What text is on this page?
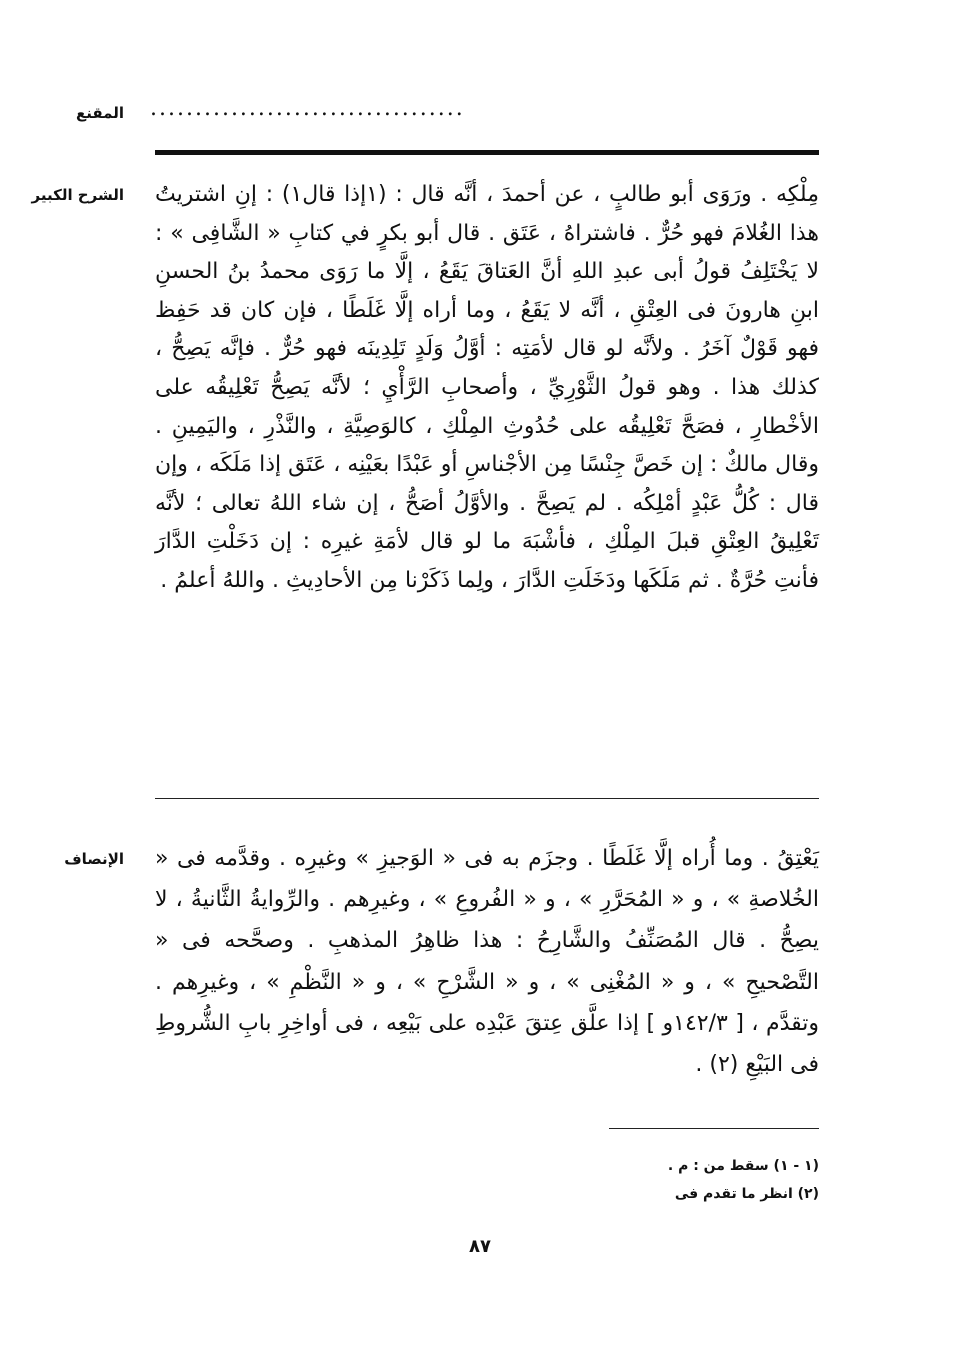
المقنع ...................................
الشرح الكبير مِلْكِه . ورَوَى أبو طالبٍ ، عن أحمدَ ، أنَّه قال : (١إذا قال١) : إنِ اشتريتُ هذا الغُلامَ فهو حُرٌّ . فاشتراهُ ، عَتَق . قال أبو بكرٍ في كتابِ « الشَّافِى » : لا يَخْتَلِفُ قولُ أبى عبدِ اللهِ أنَّ العَتاقَ يَقَعُ ، إلَّا ما رَوَى محمدُ بنُ الحسنِ ابنِ هارونَ فى العِتْقِ ، أنَّه لا يَقَعُ ، وما أراه إلَّا غَلَطًا ، فإن كان قد حَفِظ فهو قَوْلٌ آخَرُ . ولأنَّه لو قال لأمَتِه : أوَّلُ وَلَدٍ تَلِدِينَه فهو حُرٌّ . فإنَّه يَصِحُّ ، كذلك هذا . وهو قولُ الثَّوْرِيِّ ، وأصحابِ الرَّأْيِ ؛ لأنَّه يَصِحُّ تَعْلِيقُه على الأخْطارِ ، فصَحَّ تَعْلِيقُه على حُدُوثِ المِلْكِ ، كالوَصِيَّةِ ، والنَّذْرِ ، واليَمِينِ . وقال مالكٌ : إن خَصَّ جِنْسًا مِن الأجْناسِ أو عَبْدًا بعَيْنِه ، عَتَق إذا مَلَكَه ، وإن قال : كُلُّ عَبْدٍ أمْلِكُه . لم يَصِحَّ . والأوَّلُ أصَحُّ ، إن شاء اللهُ تعالى ؛ لأنَّه تَعْلِيقُ العِتْقِ قبلَ المِلْكِ ، فأشْبَهَ ما لو قال لأمَةِ غيرِه : إن دَخَلْتِ الدَّارَ فأنتِ حُرَّةٌ . ثم مَلَكَها ودَخَلَتِ الدَّارَ ، ولِما ذَكَرْنا مِن الأحادِيثِ . واللهُ أعلمُ .
الإنصاف يَعْتِقُ . وما أُراه إلَّا غَلَطًا . وجزَم به فى « الوَجيزِ » وغيرِه . وقدَّمه فى « الخُلاصةِ » ، و « المُحَرَّرِ » ، و « الفُروعِ » ، وغيرِهم . والرِّوايةُ الثَّانيةُ ، لا يصِحُّ . قال المُصَنِّفُ والشَّارِحُ : هذا ظاهِرُ المذهبِ . وصحَّحه فى « التَّصْحيحِ » ، و « المُغْنِى » ، و « الشَّرْحِ » ، و « النَّظْمِ » ، وغيرِهم . وتقدَّم ، [ ١٤٢/٣و ] إذا علَّق عِتقَ عَبْدِه على بَيْعِه ، فى أواخِرِ بابِ الشُّروطِ فى البَيْعِ (٢) .
(١ - ١) سقط من : م .
(٢) انظر ما تقدم فى
٨٧
